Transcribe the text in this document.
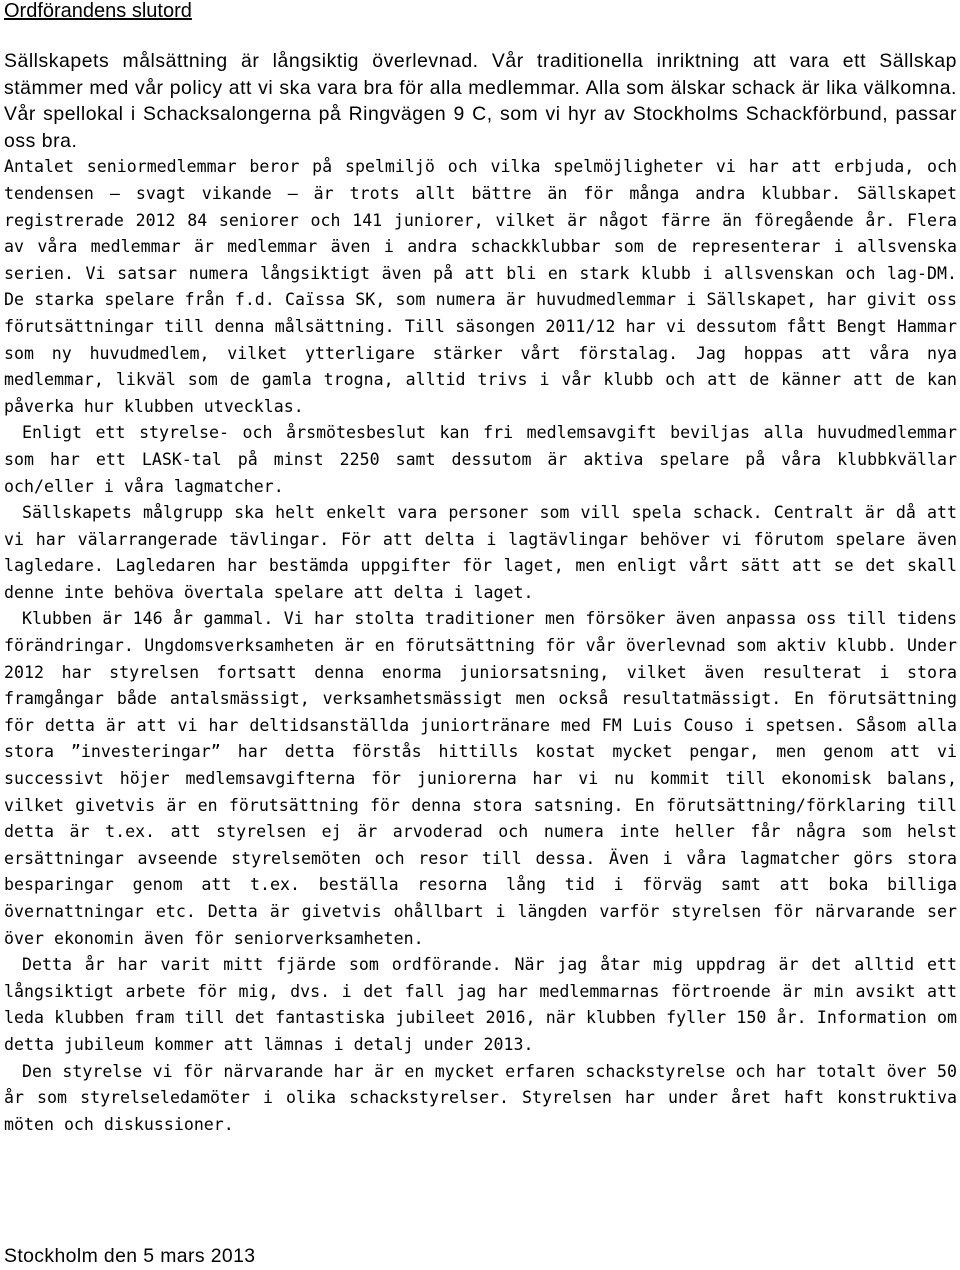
Ordförandens slutord

Sällskapets målsättning är långsiktig överlevnad. Vår traditionella inriktning att vara ett Sällskap stämmer med vår policy att vi ska vara bra för alla medlemmar. Alla som älskar schack är lika välkomna. Vår spellokal i Schacksalongerna på Ringvägen 9 C, som vi hyr av Stockholms Schackförbund, passar oss bra.

Antalet seniormedlemmar beror på spelmiljö och vilka spelmöjligheter vi har att erbjuda, och tendensen – svagt vikande – är trots allt bättre än för många andra klubbar. Sällskapet registrerade 2012 84 seniorer och 141 juniorer, vilket är något färre än föregående år. Flera av våra medlemmar är medlemmar även i andra schackklubbar som de representerar i allsvenska serien. Vi satsar numera långsiktigt även på att bli en stark klubb i allsvenskan och lag-DM. De starka spelare från f.d. Caïssa SK, som numera är huvudmedlemmar i Sällskapet, har givit oss förutsättningar till denna målsättning. Till säsongen 2011/12 har vi dessutom fått Bengt Hammar som ny huvudmedlem, vilket ytterligare stärker vårt förstalag. Jag hoppas att våra nya medlemmar, likväl som de gamla trogna, alltid trivs i vår klubb och att de känner att de kan påverka hur klubben utvecklas.

Enligt ett styrelse- och årsmötesbeslut kan fri medlemsavgift beviljas alla huvudmedlemmar som har ett LASK-tal på minst 2250 samt dessutom är aktiva spelare på våra klubbkvällar och/eller i våra lagmatcher.

Sällskapets målgrupp ska helt enkelt vara personer som vill spela schack. Centralt är då att vi har välarrangerade tävlingar. För att delta i lagtävlingar behöver vi förutom spelare även lagledare. Lagledaren har bestämda uppgifter för laget, men enligt vårt sätt att se det skall denne inte behöva övertala spelare att delta i laget.

Klubben är 146 år gammal. Vi har stolta traditioner men försöker även anpassa oss till tidens förändringar. Ungdomsverksamheten är en förutsättning för vår överlevnad som aktiv klubb. Under 2012 har styrelsen fortsatt denna enorma juniorsatsning, vilket även resulterat i stora framgångar både antalsmässigt, verksamhetsmässigt men också resultatmässigt. En förutsättning för detta är att vi har deltidsanställda juniortränare med FM Luis Couso i spetsen. Såsom alla stora ”investeringar” har detta förstås hittills kostat mycket pengar, men genom att vi successivt höjer medlemsavgifterna för juniorerna har vi nu kommit till ekonomisk balans, vilket givetvis är en förutsättning för denna stora satsning. En förutsättning/förklaring till detta är t.ex. att styrelsen ej är arvoderad och numera inte heller får några som helst ersättningar avseende styrelsemöten och resor till dessa. Även i våra lagmatcher görs stora besparingar genom att t.ex. beställa resorna lång tid i förväg samt att boka billiga övernattningar etc. Detta är givetvis ohållbart i längden varför styrelsen för närvarande ser över ekonomin även för seniorverksamheten.

Detta år har varit mitt fjärde som ordförande. När jag åtar mig uppdrag är det alltid ett långsiktigt arbete för mig, dvs. i det fall jag har medlemmarnas förtroende är min avsikt att leda klubben fram till det fantastiska jubileet 2016, när klubben fyller 150 år. Information om detta jubileum kommer att lämnas i detalj under 2013.

Den styrelse vi för närvarande har är en mycket erfaren schackstyrelse och har totalt över 50 år som styrelseledamöter i olika schackstyrelser. Styrelsen har under året haft konstruktiva möten och diskussioner.

Stockholm den 5 mars 2013
